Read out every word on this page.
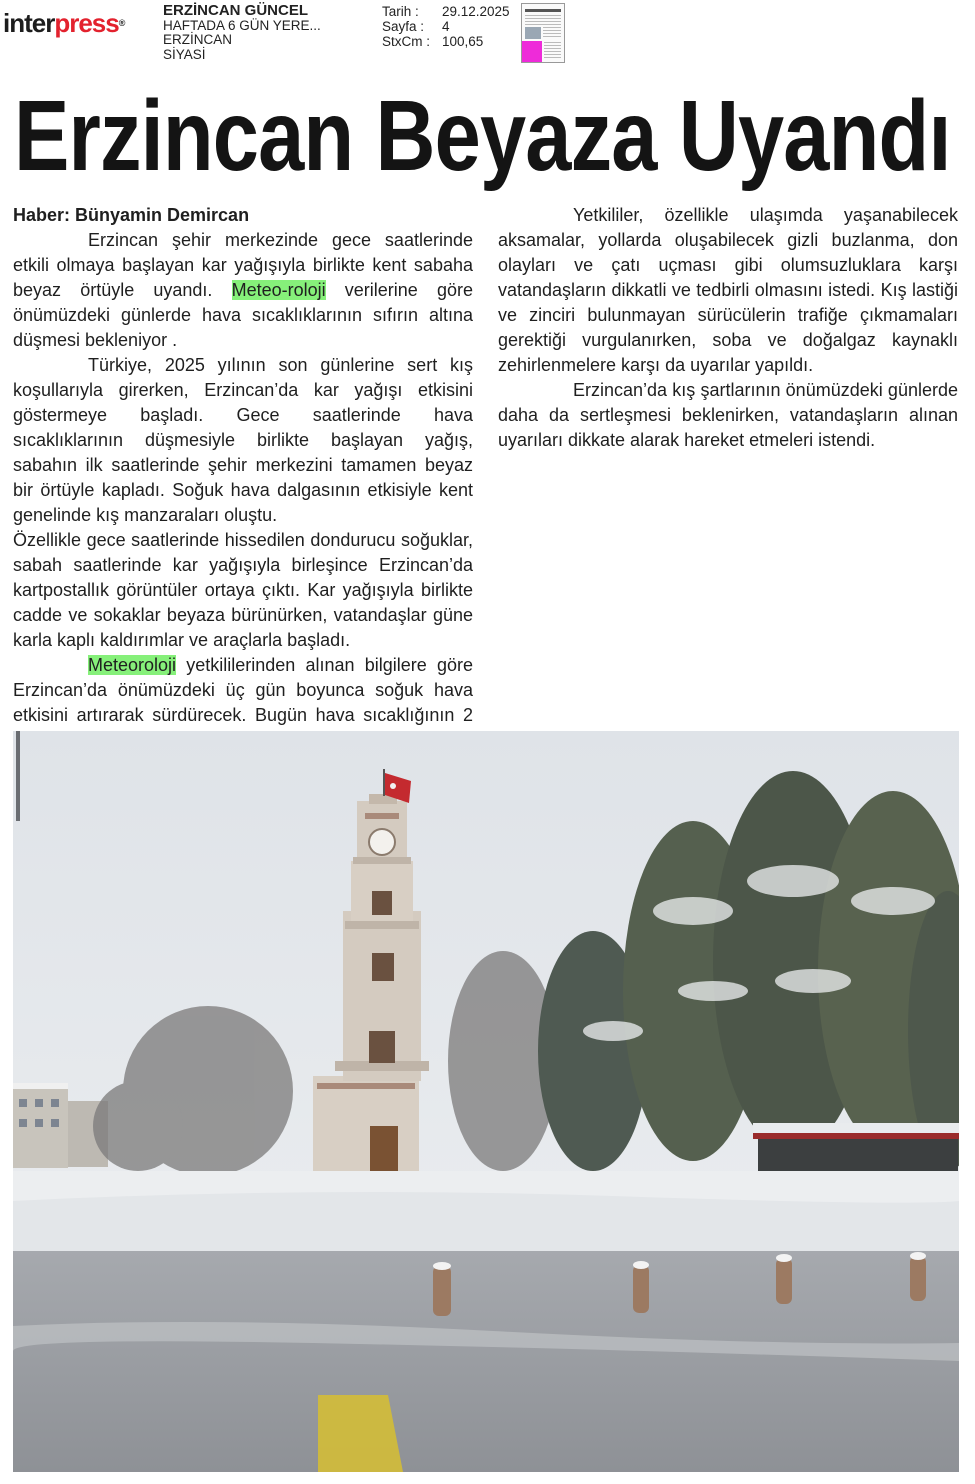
interpress®
ERZİNCAN GÜNCEL
HAFTADA 6 GÜN YERE...
ERZİNCAN
SİYASİ
Tarih :	29.12.2025
Sayfa :	4
StxCm : 100,65
Erzincan Beyaza Uyandı

Haber: Bünyamin Demircan

Erzincan şehir merkezinde gece saatlerinde etkili olmaya başlayan kar yağışıyla birlikte kent sabaha beyaz örtüyle uyandı. Meteo-roloji verilerine göre önümüzdeki günlerde hava sıcaklıklarının sıfırın altına düşmesi bekleniyor .

Türkiye, 2025 yılının son günlerine sert kış koşullarıyla girerken, Erzincan’da kar yağışı etkisini göstermeye başladı. Gece saatlerinde hava sıcaklıklarının düşmesiyle birlikte başlayan yağış, sabahın ilk saatlerinde şehir merkezini tamamen beyaz bir örtüyle kapladı. Soğuk hava dalgasının etkisiyle kent genelinde kış manzaraları oluştu.

Özellikle gece saatlerinde hissedilen dondurucu soğuklar, sabah saatlerinde kar yağışıyla birleşince Erzincan’da kartpostallık görüntüler ortaya çıktı. Kar yağışıyla birlikte cadde ve sokaklar beyaza bürünürken, vatandaşlar güne karla kaplı kaldırımlar ve araçlarla başladı.

Meteoroloji yetkililerinden alınan bilgilere göre Erzincan’da önümüzdeki üç gün boyunca soğuk hava etkisini artırarak sürdürecek. Bugün hava sıcaklığının 2

Yetkililer, özellikle ulaşımda yaşanabilecek aksamalar, yollarda oluşabilecek gizli buzlanma, don olayları ve çatı uçması gibi olumsuzluklara karşı vatandaşların dikkatli ve tedbirli olmasını istedi. Kış lastiği ve zinciri bulunmayan sürücülerin trafiğe çıkmamaları gerektiği vurgulanırken, soba ve doğalgaz kaynaklı zehirlenmelere karşı da uyarılar yapıldı.

Erzincan’da kış şartlarının önümüzdeki günlerde daha da sertleşmesi beklenirken, vatandaşların alınan uyarıları dikkate alarak hareket etmeleri istendi.
